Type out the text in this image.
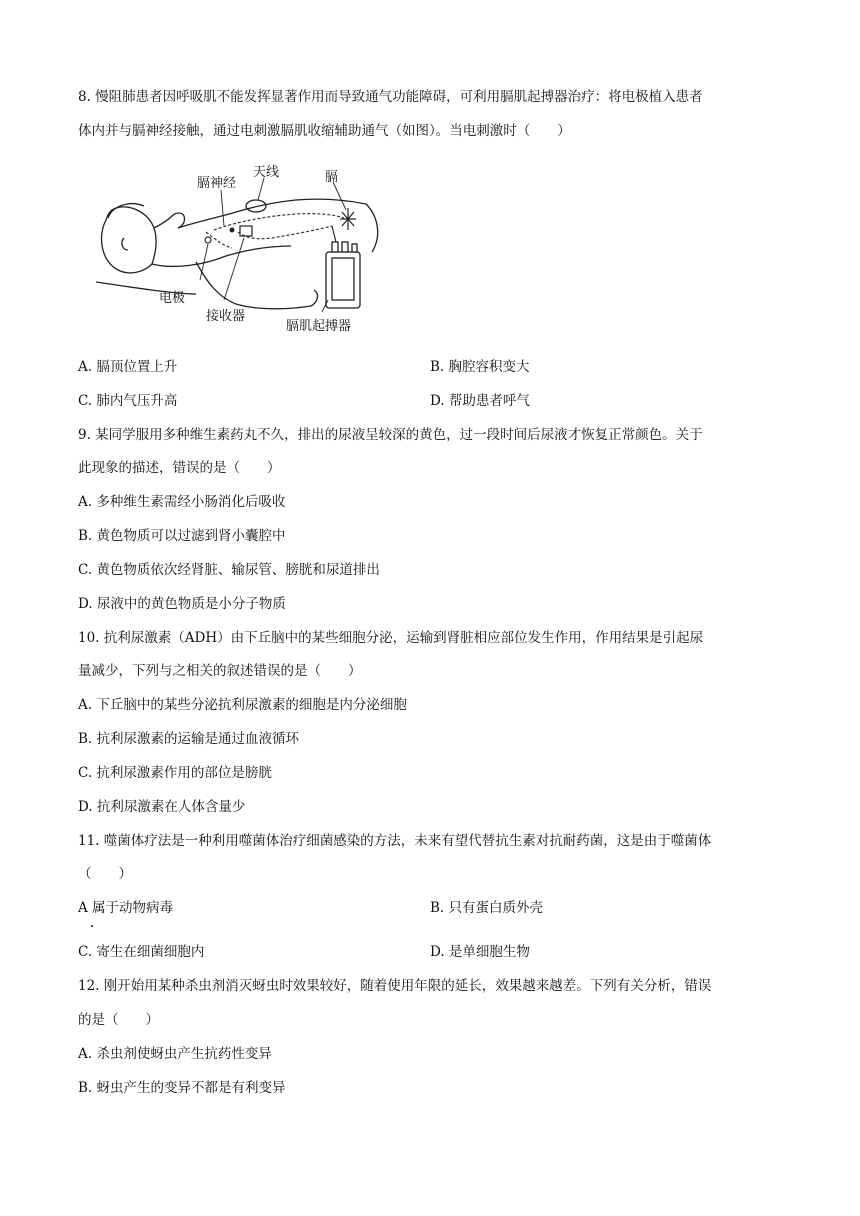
8. 慢阻肺患者因呼吸肌不能发挥显著作用而导致通气功能障碍，可利用膈肌起搏器治疗：将电极植入患者
体内并与膈神经接触，通过电刺激膈肌收缩辅助通气（如图）。当电刺激时（　　）
膈神经
天线	膈
电极
接收器
膈肌起搏器
A. 膈顶位置上升	B. 胸腔容积变大
C. 肺内气压升高	D. 帮助患者呼气
9. 某同学服用多种维生素药丸不久，排出的尿液呈较深的黄色，过一段时间后尿液才恢复正常颜色。关于
此现象的描述，错误的是（　　）
A. 多种维生素需经小肠消化后吸收
B. 黄色物质可以过滤到肾小囊腔中
C. 黄色物质依次经肾脏、输尿管、膀胱和尿道排出
D. 尿液中的黄色物质是小分子物质
10. 抗利尿激素（ADH）由下丘脑中的某些细胞分泌，运输到肾脏相应部位发生作用，作用结果是引起尿
量减少，下列与之相关的叙述错误的是（　　）
A. 下丘脑中的某些分泌抗利尿激素的细胞是内分泌细胞
B. 抗利尿激素的运输是通过血液循环
C. 抗利尿激素作用的部位是膀胱
D. 抗利尿激素在人体含量少
11. 噬菌体疗法是一种利用噬菌体治疗细菌感染的方法，未来有望代替抗生素对抗耐药菌，这是由于噬菌体
（　　）
A 属于动物病毒	B. 只有蛋白质外壳
C. 寄生在细菌细胞内	D. 是单细胞生物
12. 刚开始用某种杀虫剂消灭蚜虫时效果较好，随着使用年限的延长，效果越来越差。下列有关分析，错误
的是（　　）
A. 杀虫剂使蚜虫产生抗药性变异
B. 蚜虫产生的变异不都是有利变异
